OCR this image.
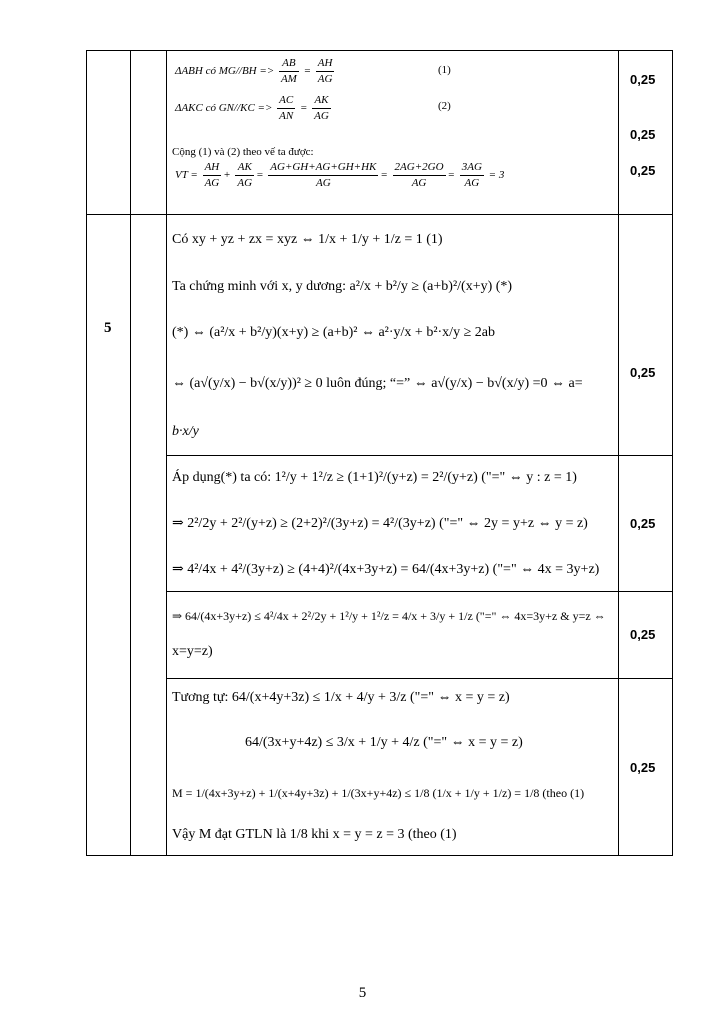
ΔABH có $MG//BH => \frac{AB}{AM} = \frac{AH}{AG}$	(1)
ΔAKC có $GN//KC => \frac{AC}{AN} = \frac{AK}{AG}$	(2)
Cộng (1) và (2) theo vế ta được:
VT = $\frac{AH}{AG} + \frac{AK}{AG} = \frac{AG+GH+AG+GH+HK}{AG} = \frac{2AG+2GO}{AG} = \frac{3AG}{AG} = 3$
0,25
0,25
0,25
5
Có xy + yz + zx = xyz ⇔ 1/x + 1/y + 1/z = 1 (1)
Ta chứng minh với x, y dương: a²/x + b²/y ≥ (a+b)²/(x+y) (*)
(*) ⇔ (a²/x + b²/y)(x+y) ≥ (a+b)² ⇔ a²·y/x + b²·x/y ≥ 2ab
⇔ (a√(y/x) − b√(x/y))² ≥ 0 luôn đúng; “=” ⇔ a√(y/x) − b√(x/y) =0 ⇔ a=
b·x/y
0,25
Áp dụng(*) ta có: 1²/y + 1²/z ≥ (1+1)²/(y+z) = 2²/(y+z) ("=" ⇔ y : z = 1)
⇒ 2²/2y + 2²/(y+z) ≥ (2+2)²/(3y+z) = 4²/(3y+z) ("=" ⇔ 2y = y+z ⇔ y = z)
⇒ 4²/4x + 4²/(3y+z) ≥ (4+4)²/(4x+3y+z) = 64/(4x+3y+z) ("=" ⇔ 4x = 3y+z)
0,25
⇒ 64/(4x+3y+z) ≤ 4²/4x + 2²/2y + 1²/y + 1²/z = 4/x + 3/y + 1/z ("=" ⇔ 4x=3y+z & y=z ⇔
x=y=z)
0,25
Tương tự: 64/(x+4y+3z) ≤ 1/x + 4/y + 3/z ("=" ⇔ x = y = z)
64/(3x+y+4z) ≤ 3/x + 1/y + 4/z ("=" ⇔ x = y = z)
M = 1/(4x+3y+z) + 1/(x+4y+3z) + 1/(3x+y+4z) ≤ 1/8 (1/x + 1/y + 1/z) = 1/8 (theo (1)
Vậy M đạt GTLN là 1/8 khi x = y = z = 3 (theo (1)
0,25
5
